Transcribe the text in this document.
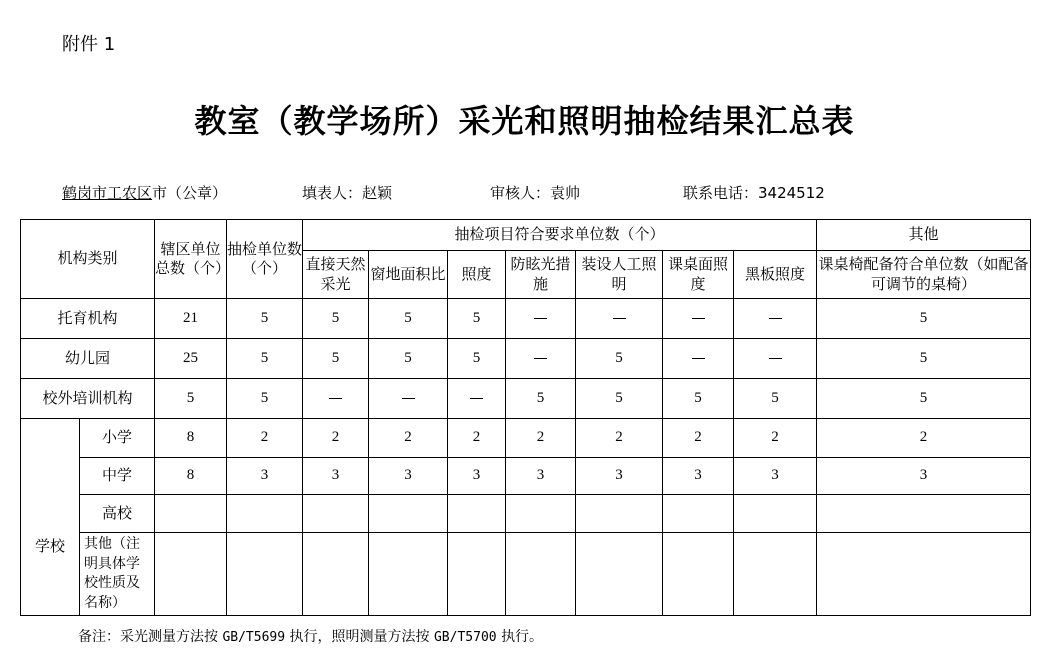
附件 1
教室（教学场所）采光和照明抽检结果汇总表
鹤岗市工农区市（公章）	填表人：赵颖	审核人：袁帅	联系电话：3424512
机构类别		辖区单位总数（个）	抽检单位数（个）	抽检项目符合要求单位数（个）							其他
				直接天然采光	窗地面积比	照度	防眩光措施	装设人工照明	课桌面照度	黑板照度	课桌椅配备符合单位数（如配备可调节的桌椅）
托育机构		21	5	5	5	5					5
幼儿园		25	5	5	5	5		5			5
校外培训机构		5	5				5	5	5	5	5
学校	小学	8	2	2	2	2	2	2	2	2	2
	中学	8	3	3	3	3	3	3	3	3	3
	高校										
	其他（注明具体学校性质及名称）										
备注：采光测量方法按 GB/T5699 执行，照明测量方法按 GB/T5700 执行。
